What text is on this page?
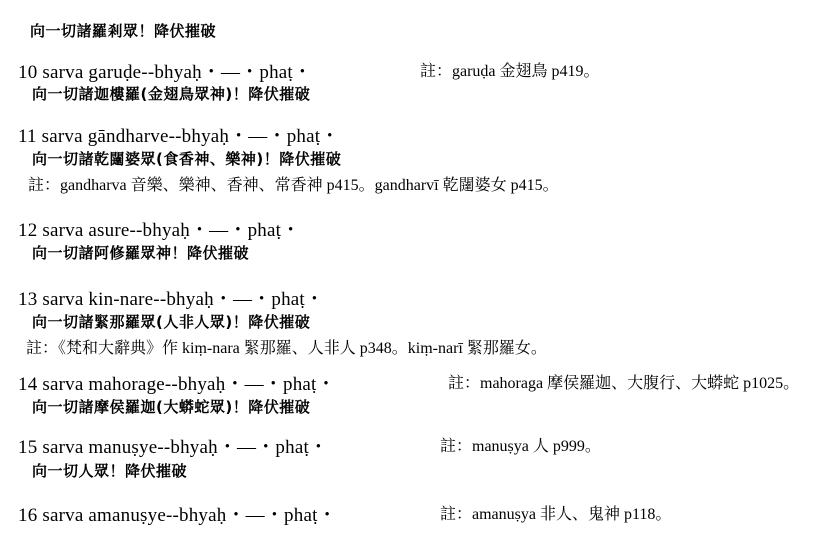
向一切諸羅剎眾！降伏摧破
10 sarva garuḍe--bhyaḥ・—・phaṭ・	註：garuḍa 金翅鳥 p419。
向一切諸迦樓羅(金翅鳥眾神)！降伏摧破
11 sarva gāndharve--bhyaḥ・—・phaṭ・
向一切諸乾闥婆眾(食香神、樂神)！降伏摧破
註：gandharva 音樂、樂神、香神、常香神 p415。gandharvī 乾闥婆女 p415。
12 sarva asure--bhyaḥ・—・phaṭ・
向一切諸阿修羅眾神！降伏摧破
13 sarva kin-nare--bhyaḥ・—・phaṭ・
向一切諸緊那羅眾(人非人眾)！降伏摧破
註：《梵和大辭典》作 kiṃ-nara 緊那羅、人非人 p348。kiṃ-narī 緊那羅女。
14 sarva mahorage--bhyaḥ・—・phaṭ・	註：mahoraga 摩侯羅迦、大腹行、大蟒蛇 p1025。
向一切諸摩侯羅迦(大蟒蛇眾)！降伏摧破
15 sarva manuṣye--bhyaḥ・—・phaṭ・	註：manuṣya 人 p999。
向一切人眾！降伏摧破
16 sarva amanuṣye--bhyaḥ・—・phaṭ・	註：amanuṣya 非人、鬼神 p118。
